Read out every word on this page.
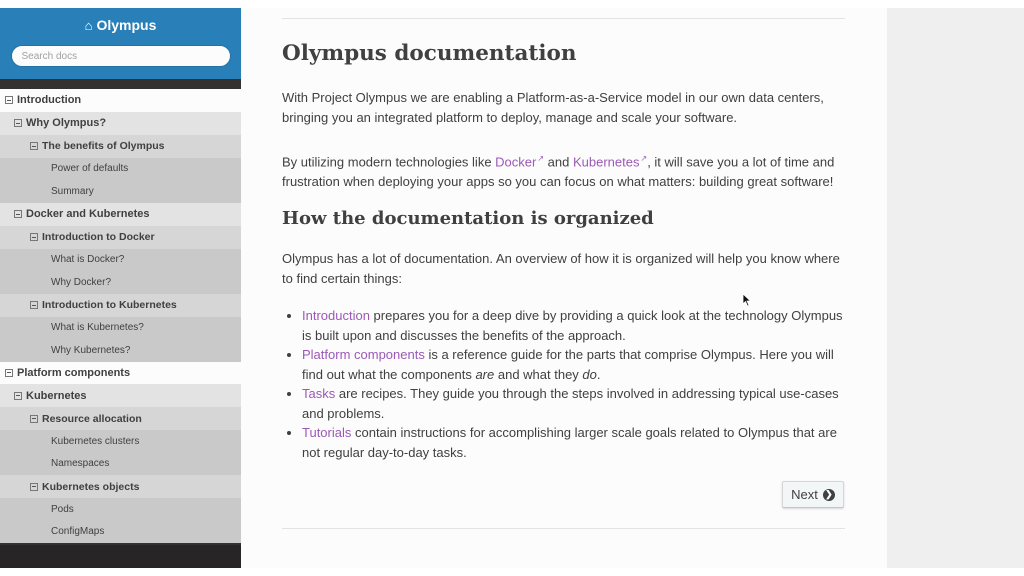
⌂ Olympus
Search docs
Introduction
Why Olympus?
The benefits of Olympus
Power of defaults
Summary
Docker and Kubernetes
Introduction to Docker
What is Docker?
Why Docker?
Introduction to Kubernetes
What is Kubernetes?
Why Kubernetes?
Platform components
Kubernetes
Resource allocation
Kubernetes clusters
Namespaces
Kubernetes objects
Pods
ConfigMaps
Olympus documentation
With Project Olympus we are enabling a Platform-as-a-Service model in our own data centers, bringing you an integrated platform to deploy, manage and scale your software.
By utilizing modern technologies like Docker↗ and Kubernetes↗, it will save you a lot of time and frustration when deploying your apps so you can focus on what matters: building great software!
How the documentation is organized
Olympus has a lot of documentation. An overview of how it is organized will help you know where to find certain things:
• Introduction prepares you for a deep dive by providing a quick look at the technology Olympus is built upon and discusses the benefits of the approach.
• Platform components is a reference guide for the parts that comprise Olympus. Here you will find out what the components are and what they do.
• Tasks are recipes. They guide you through the steps involved in addressing typical use-cases and problems.
• Tutorials contain instructions for accomplishing larger scale goals related to Olympus that are not regular day-to-day tasks.
Next ❯
